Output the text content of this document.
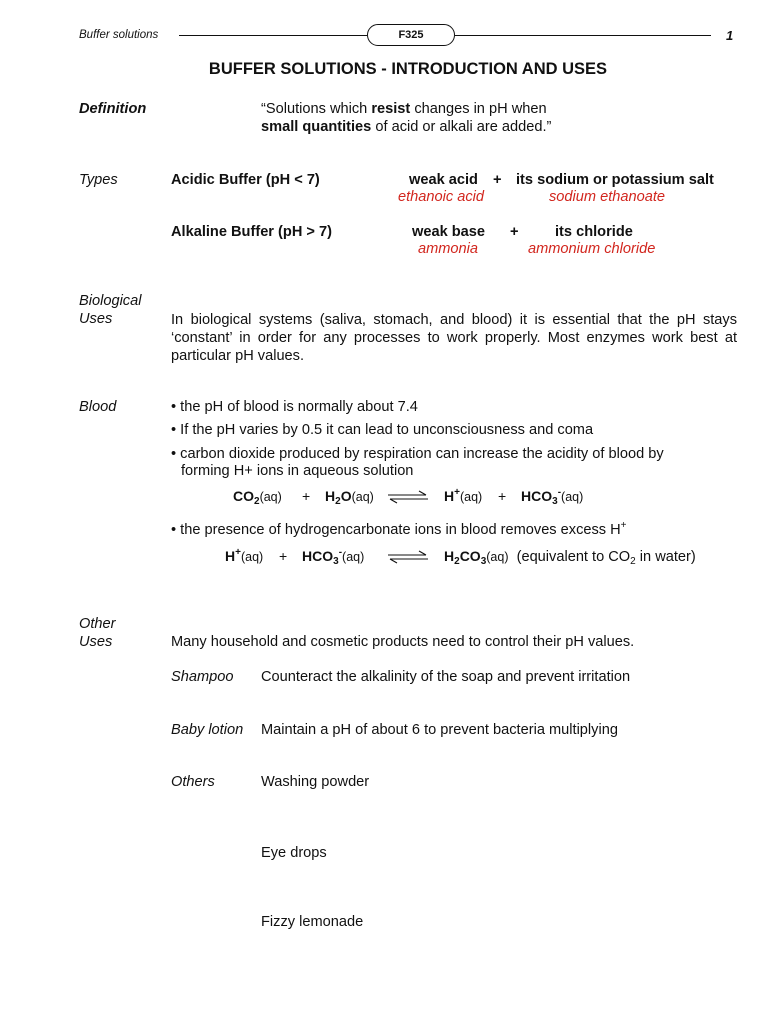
Buffer solutions	F325	1
BUFFER SOLUTIONS - INTRODUCTION AND USES
Definition	“Solutions which resist changes in pH when
small quantities of acid or alkali are added.”
Types	Acidic Buffer (pH < 7)	weak acid + its sodium or potassium salt
ethanoic acid	sodium ethanoate
Alkaline Buffer (pH > 7)	weak base + its chloride
ammonia	ammonium chloride
Biological
Uses	In biological systems (saliva, stomach, and blood) it is essential that the pH stays ‘constant’ in order for any processes to work properly. Most enzymes work best at particular pH values.
Blood	• the pH of blood is normally about 7.4
• If the pH varies by 0.5 it can lead to unconsciousness and coma
• carbon dioxide produced by respiration can increase the acidity of blood by
forming H+ ions in aqueous solution
$CO_2(aq) + H_2O(aq)$ ⇌ $H^+(aq) + HCO_3^-(aq)$
• the presence of hydrogencarbonate ions in blood removes excess H+
$H^+(aq) + HCO_3^-(aq)$ ⇌ $H_2CO_3(aq)$  (equivalent to $CO_2$ in water)
Other
Uses	Many household and cosmetic products need to control their pH values.
Shampoo Counteract the alkalinity of the soap and prevent irritation
Baby lotion Maintain a pH of about 6 to prevent bacteria multiplying
Others	Washing powder
Eye drops
Fizzy lemonade
